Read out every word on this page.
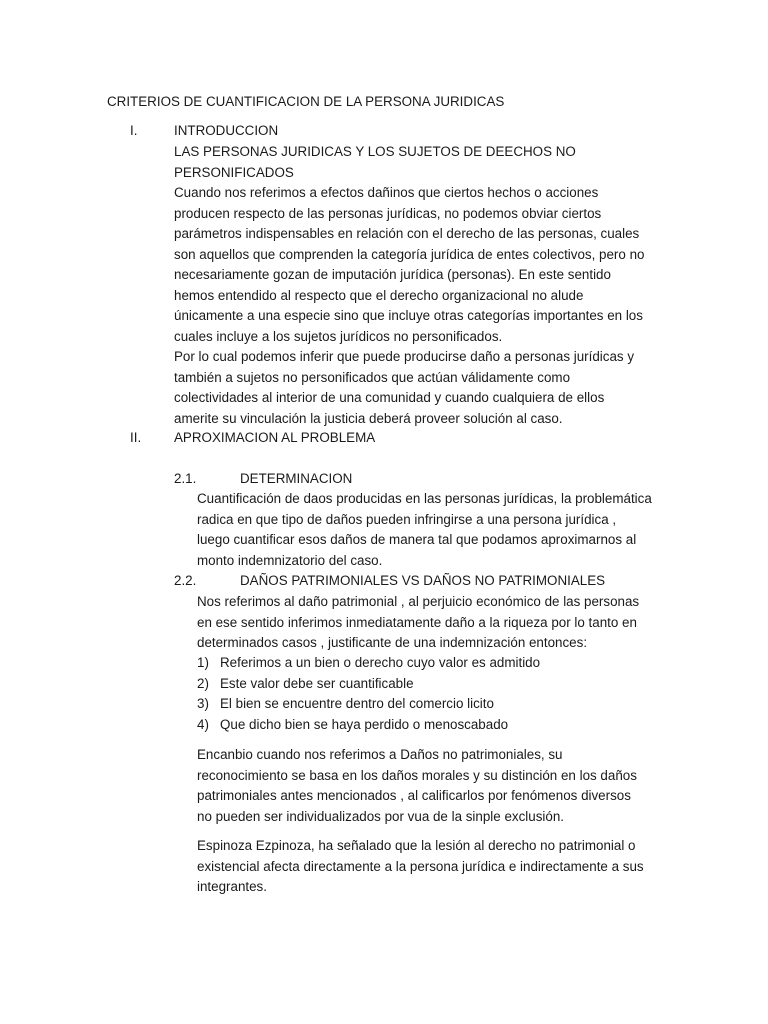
CRITERIOS DE CUANTIFICACION DE LA PERSONA JURIDICAS
I.	INTRODUCCION

LAS PERSONAS JURIDICAS Y LOS SUJETOS DE DEECHOS NO PERSONIFICADOS

Cuando nos referimos a efectos dañinos que ciertos hechos o acciones

producen respecto de las personas jurídicas, no podemos obviar ciertos

parámetros indispensables en relación con el derecho de las personas, cuales

son aquellos que comprenden la categoría jurídica de entes colectivos, pero no

necesariamente gozan de imputación jurídica (personas). En este sentido

hemos entendido al respecto que el derecho organizacional no alude

únicamente a una especie sino que incluye otras categorías importantes en los

cuales incluye a los sujetos jurídicos no personificados.

Por lo cual podemos inferir que puede producirse daño a personas jurídicas y

también a sujetos no personificados que actúan válidamente como

colectividades al interior de una comunidad y cuando cualquiera de ellos

amerite su vinculación la justicia deberá proveer solución al caso.

II. APROXIMACION AL PROBLEMA
2.1.	DETERMINACION

Cuantificación de daos producidas en las personas jurídicas, la problemática

radica en que tipo de daños pueden infringirse a una persona jurídica ,

luego cuantificar esos daños de manera tal que podamos aproximarnos al

monto indemnizatorio del caso.

2.2.	DAÑOS PATRIMONIALES VS DAÑOS NO PATRIMONIALES

Nos referimos al daño patrimonial , al perjuicio económico de las personas

en ese sentido inferimos inmediatamente daño a la riqueza por lo tanto en

determinados casos , justificante de una indemnización entonces:

1) Referimos a un bien o derecho cuyo valor es admitido
2) Este valor debe ser cuantificable
3) El bien se encuentre dentro del comercio licito
4) Que dicho bien se haya perdido o menoscabado

Encanbio cuando nos referimos a Daños no patrimoniales, su

reconocimiento se basa en los daños morales y su distinción en los daños

patrimoniales antes mencionados , al calificarlos por fenómenos diversos

no pueden ser individualizados por vua de la sinple exclusión.

Espinoza Ezpinoza, ha señalado que la lesión al derecho no patrimonial o

existencial afecta directamente a la persona jurídica e indirectamente a sus

integrantes.
